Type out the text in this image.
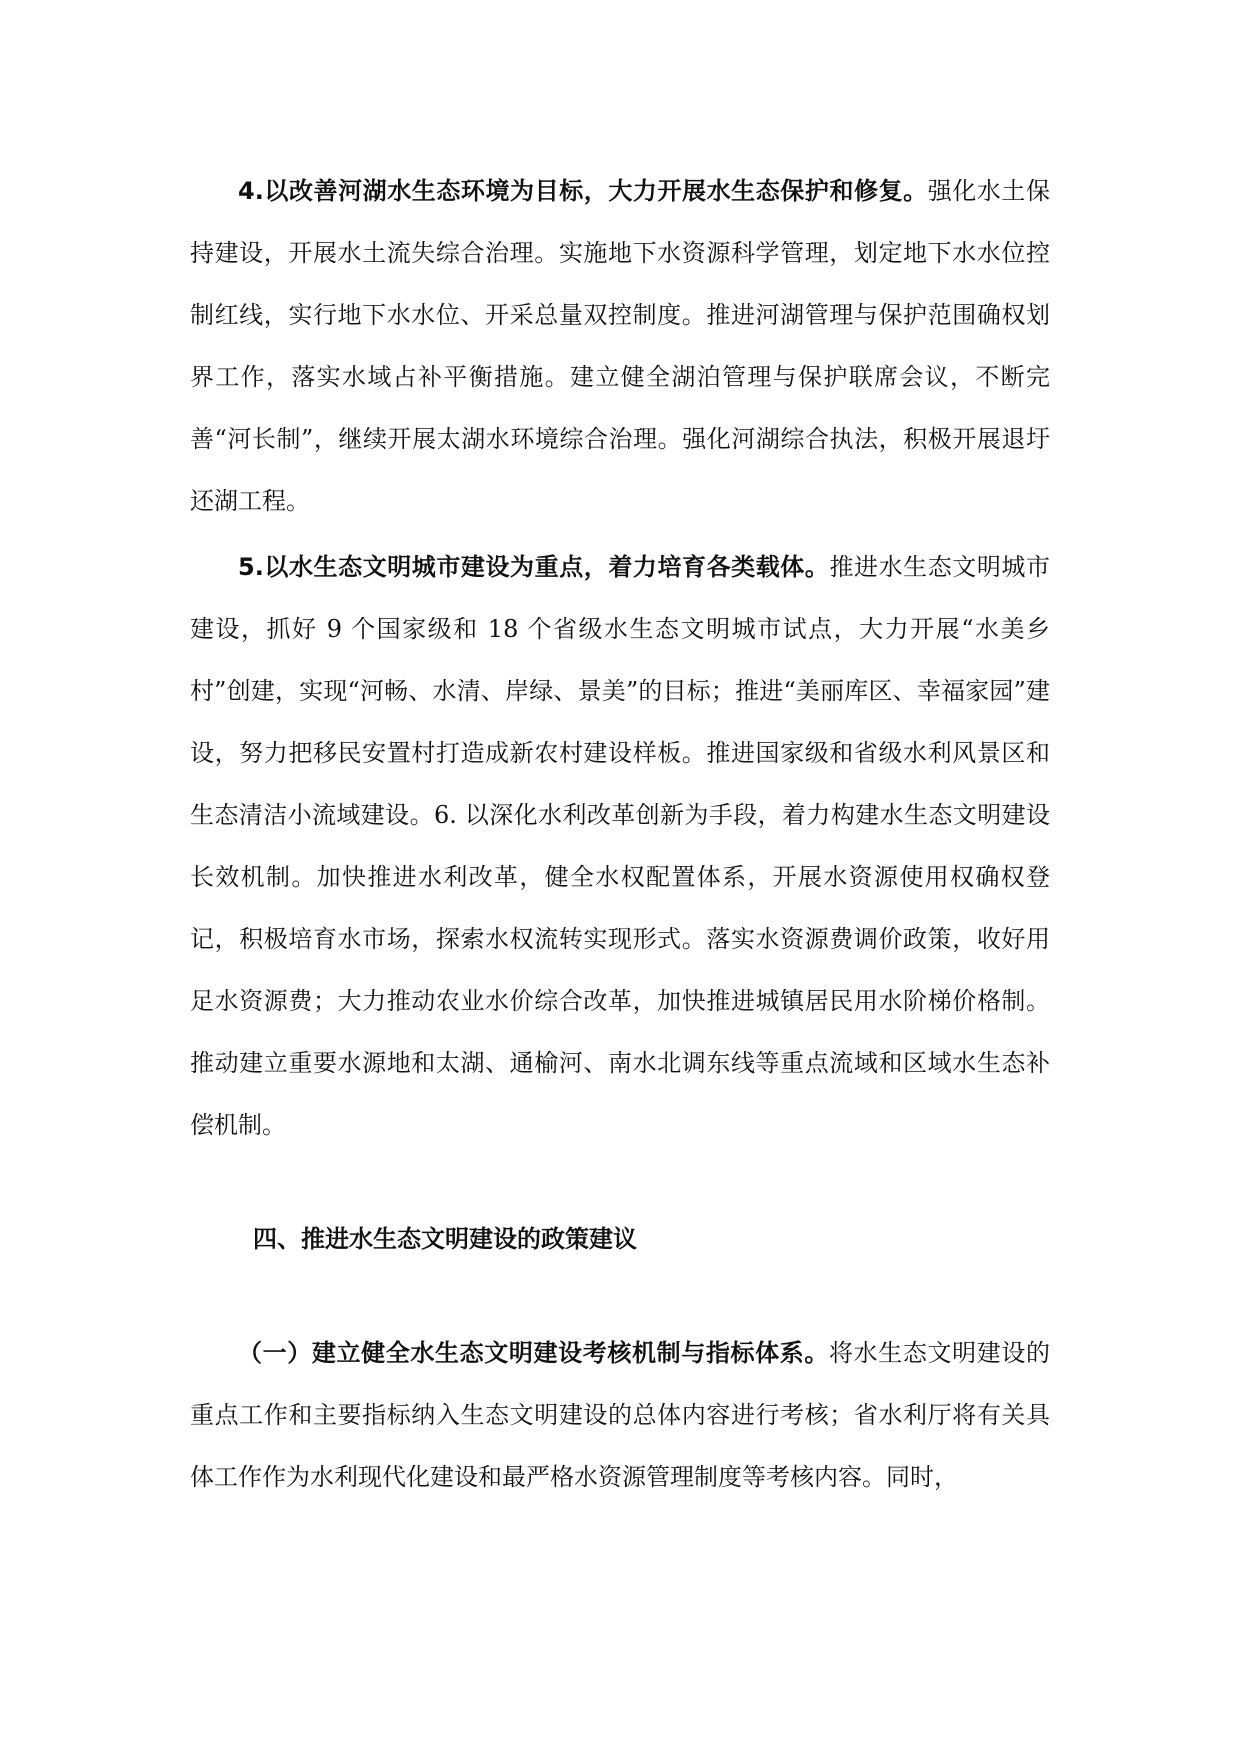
4.以改善河湖水生态环境为目标，大力开展水生态保护和修复。强化水土保持建设，开展水土流失综合治理。实施地下水资源科学管理，划定地下水水位控制红线，实行地下水水位、开采总量双控制度。推进河湖管理与保护范围确权划界工作，落实水域占补平衡措施。建立健全湖泊管理与保护联席会议，不断完善“河长制”，继续开展太湖水环境综合治理。强化河湖综合执法，积极开展退圩还湖工程。

5.以水生态文明城市建设为重点，着力培育各类载体。推进水生态文明城市建设，抓好 9 个国家级和 18 个省级水生态文明城市试点，大力开展“水美乡村”创建，实现“河畅、水清、岸绿、景美”的目标；推进“美丽库区、幸福家园”建设，努力把移民安置村打造成新农村建设样板。推进国家级和省级水利风景区和生态清洁小流域建设。6. 以深化水利改革创新为手段，着力构建水生态文明建设长效机制。加快推进水利改革，健全水权配置体系，开展水资源使用权确权登记，积极培育水市场，探索水权流转实现形式。落实水资源费调价政策，收好用足水资源费；大力推动农业水价综合改革，加快推进城镇居民用水阶梯价格制。推动建立重要水源地和太湖、通榆河、南水北调东线等重点流域和区域水生态补偿机制。

四、推进水生态文明建设的政策建议

（一）建立健全水生态文明建设考核机制与指标体系。将水生态文明建设的重点工作和主要指标纳入生态文明建设的总体内容进行考核；省水利厅将有关具体工作作为水利现代化建设和最严格水资源管理制度等考核内容。同时，
